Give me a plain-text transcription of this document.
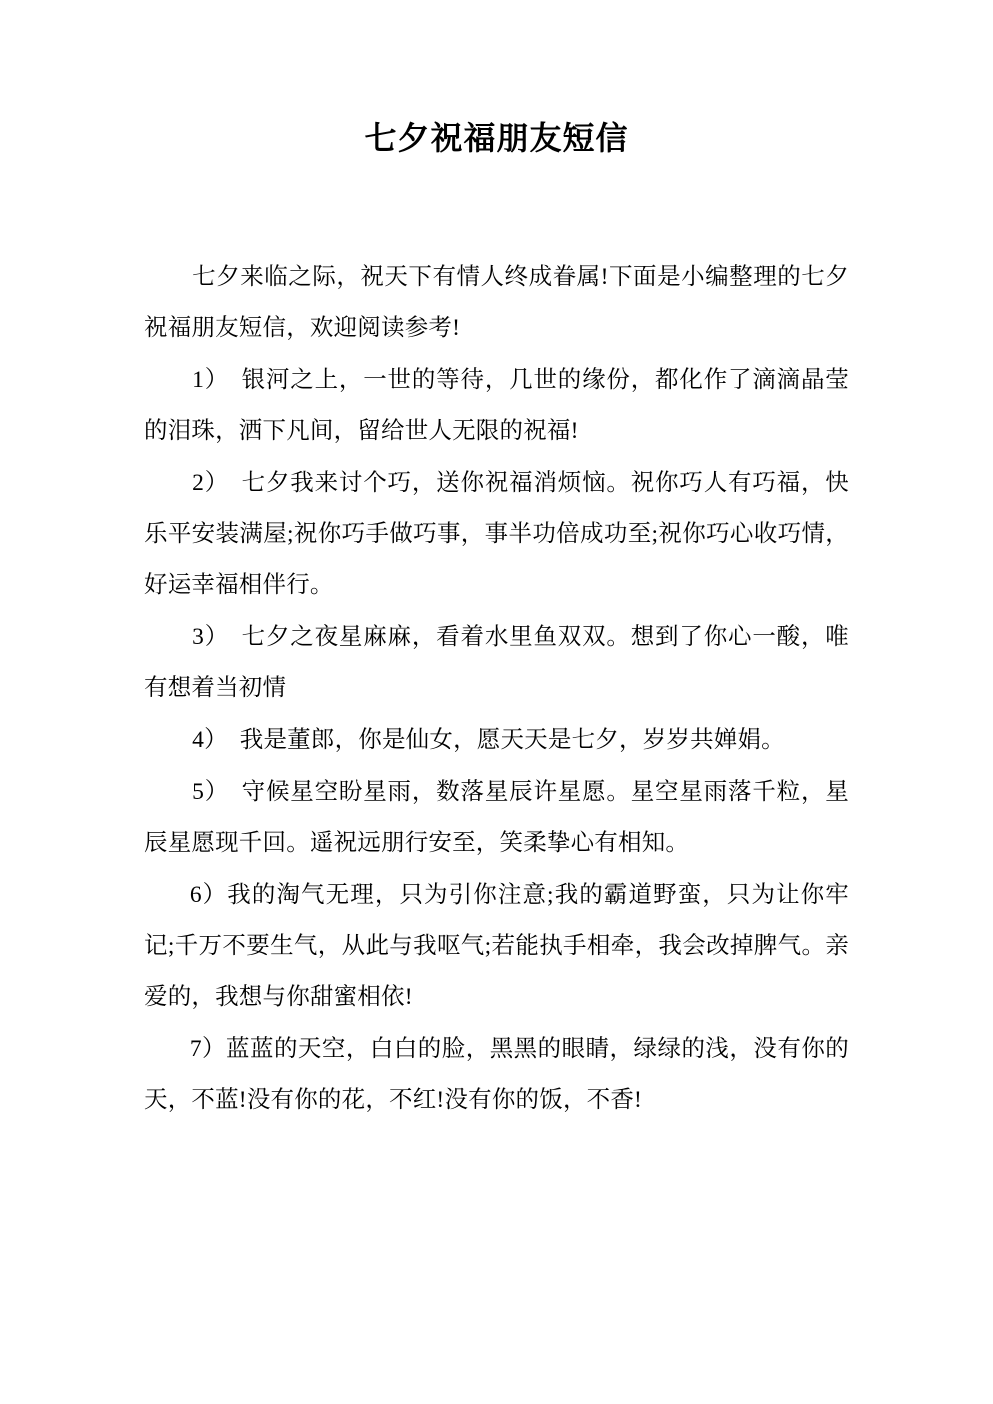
七夕祝福朋友短信

七夕来临之际，祝天下有情人终成眷属!下面是小编整理的七夕祝福朋友短信，欢迎阅读参考!

1）　银河之上，一世的等待，几世的缘份，都化作了滴滴晶莹的泪珠，洒下凡间，留给世人无限的祝福!

2）　七夕我来讨个巧，送你祝福消烦恼。祝你巧人有巧福，快乐平安装满屋;祝你巧手做巧事，事半功倍成功至;祝你巧心收巧情，好运幸福相伴行。

3）　七夕之夜星麻麻，看着水里鱼双双。想到了你心一酸，唯有想着当初情

4）　我是董郎，你是仙女，愿天天是七夕，岁岁共婵娟。

5）　守候星空盼星雨，数落星辰许星愿。星空星雨落千粒，星辰星愿现千回。遥祝远朋行安至，笑柔挚心有相知。

6）我的淘气无理，只为引你注意;我的霸道野蛮，只为让你牢记;千万不要生气，从此与我呕气;若能执手相牵，我会改掉脾气。亲爱的，我想与你甜蜜相依!

7）蓝蓝的天空，白白的脸，黑黑的眼睛，绿绿的浅，没有你的天，不蓝!没有你的花，不红!没有你的饭，不香!
